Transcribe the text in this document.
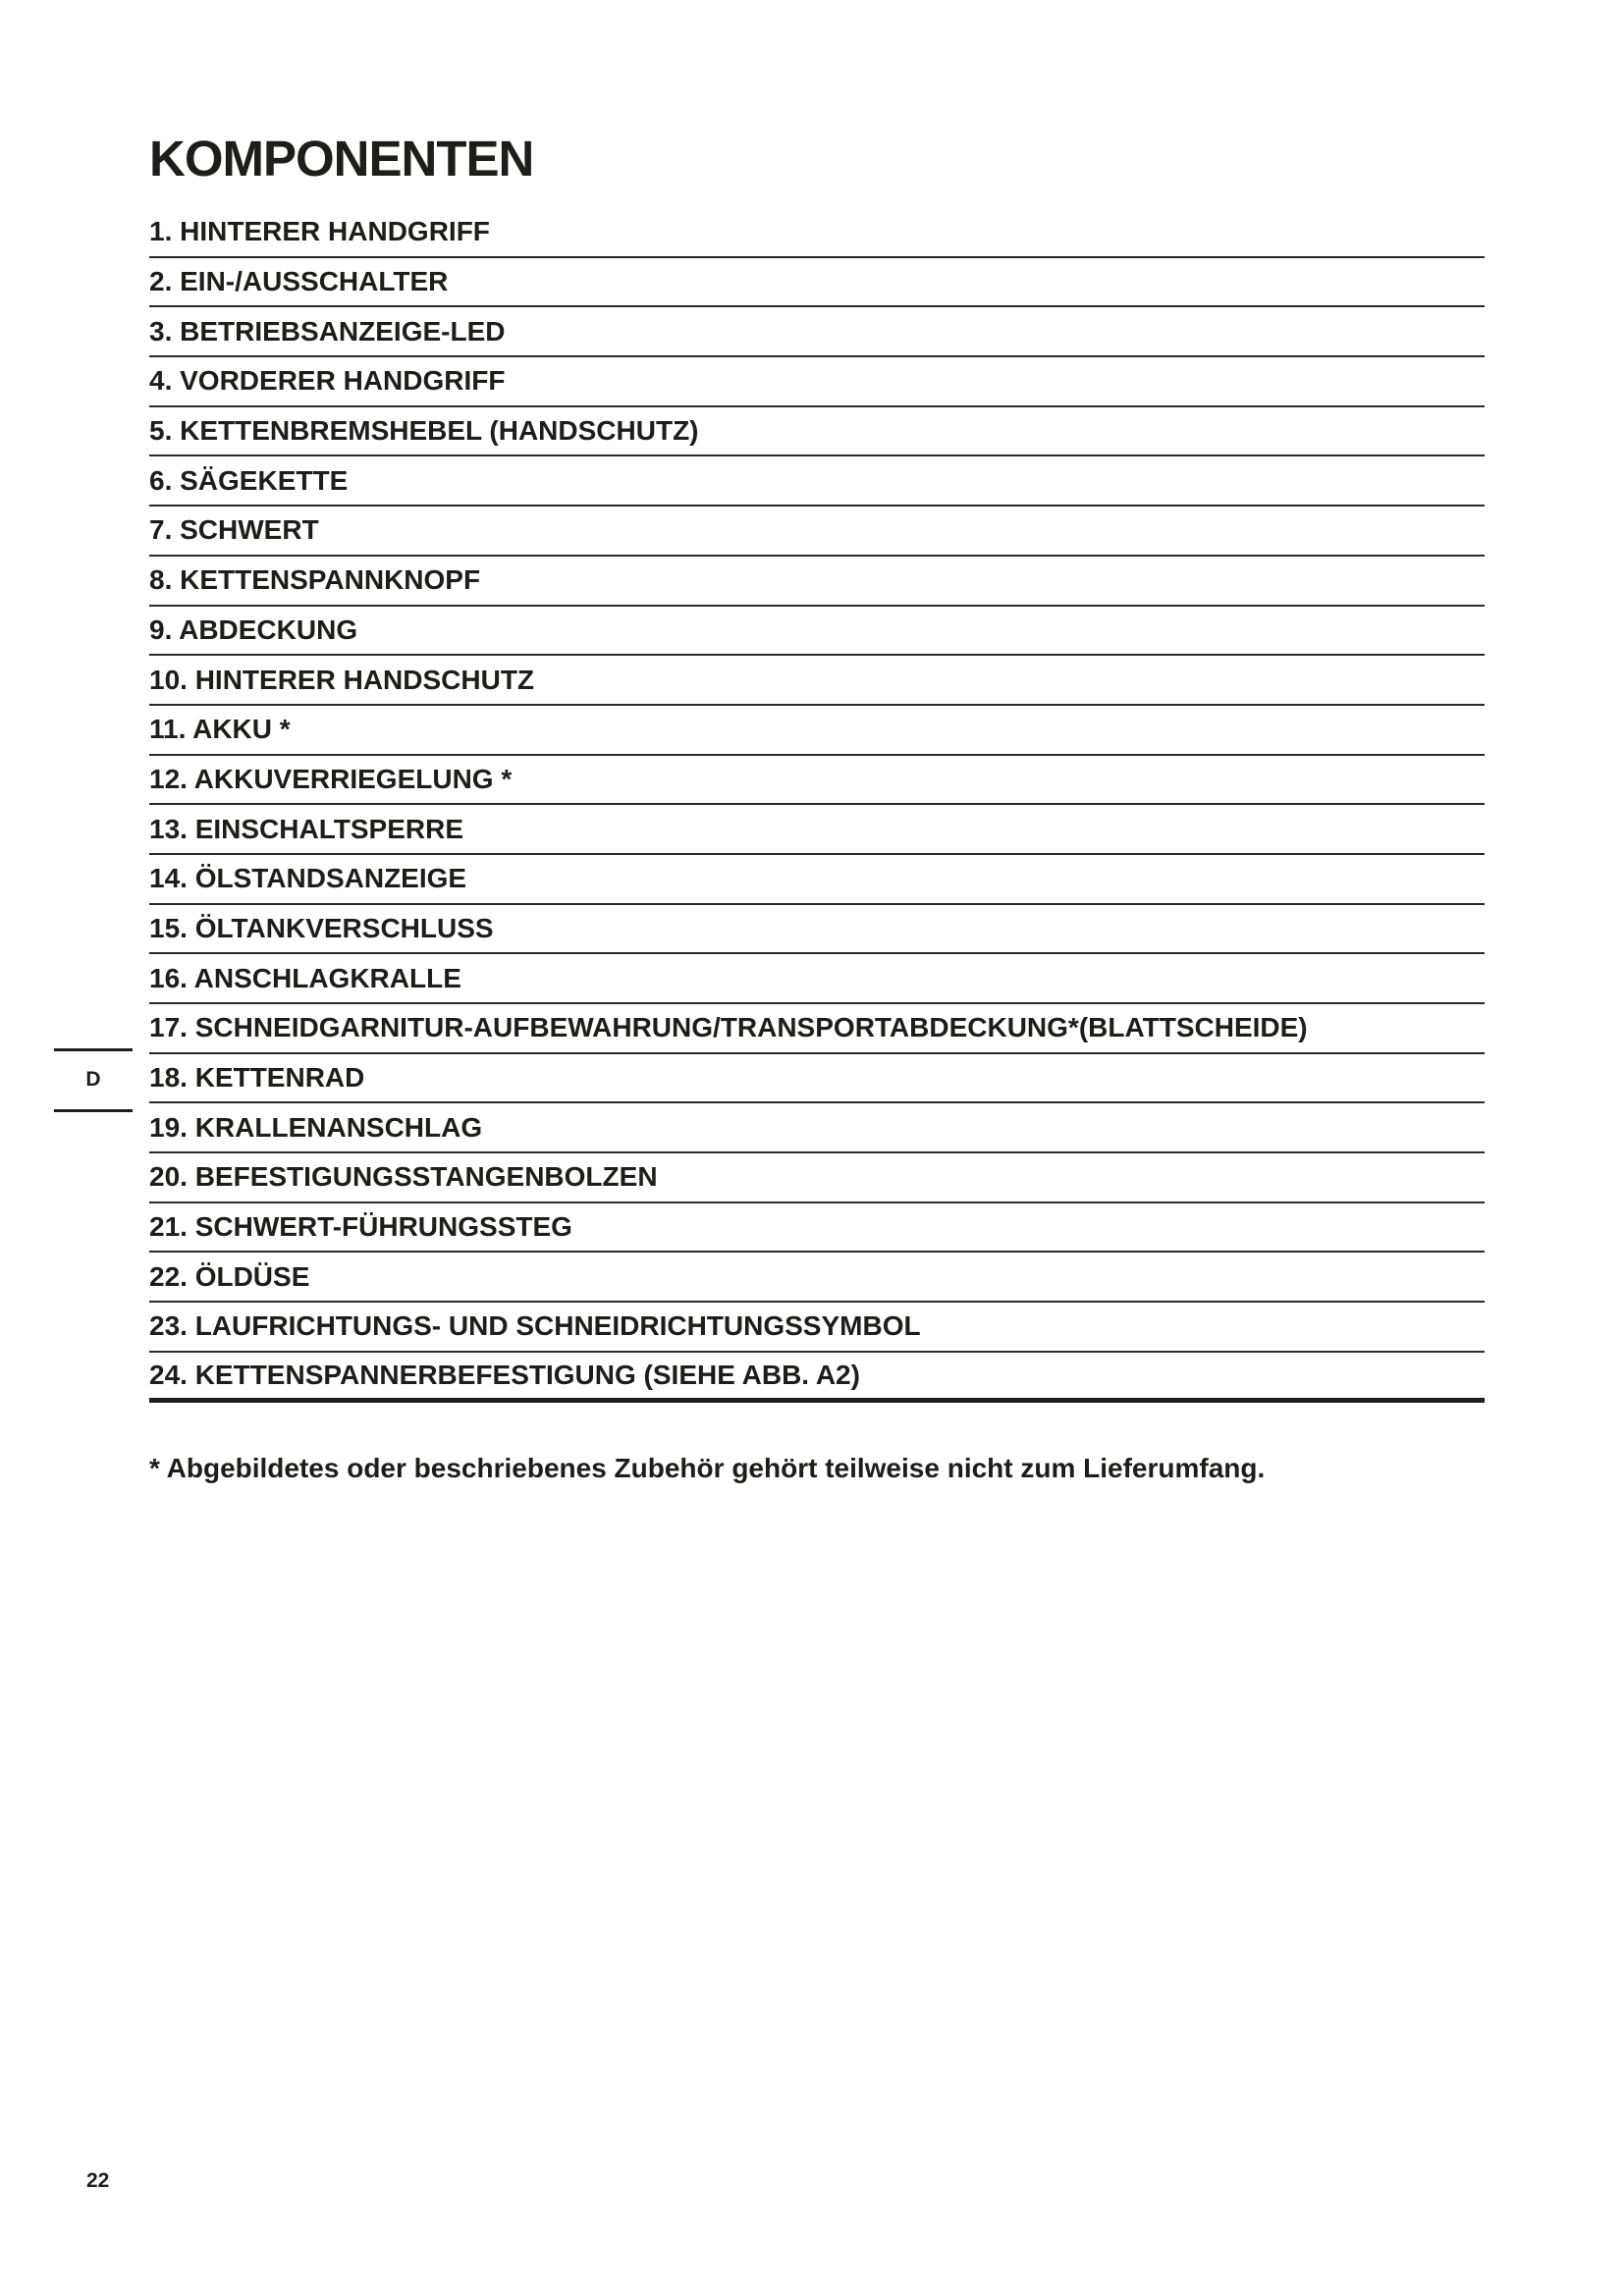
KOMPONENTEN
1. HINTERER HANDGRIFF
2. EIN-/AUSSCHALTER
3. BETRIEBSANZEIGE-LED
4. VORDERER HANDGRIFF
5. KETTENBREMSHEBEL (HANDSCHUTZ)
6. SÄGEKETTE
7. SCHWERT
8. KETTENSPANNKNOPF
9. ABDECKUNG
10. HINTERER HANDSCHUTZ
11. AKKU *
12. AKKUVERRIEGELUNG *
13. EINSCHALTSPERRE
14. ÖLSTANDSANZEIGE
15. ÖLTANKVERSCHLUSS
16. ANSCHLAGKRALLE
17. SCHNEIDGARNITUR-AUFBEWAHRUNG/TRANSPORTABDECKUNG*(BLATTSCHEIDE)
18. KETTENRAD
19. KRALLENANSCHLAG
20. BEFESTIGUNGSSTANGENBOLZEN
21. SCHWERT-FÜHRUNGSSTEG
22. ÖLDÜSE
23. LAUFRICHTUNGS- UND SCHNEIDRICHTUNGSSYMBOL
24. KETTENSPANNERBEFESTIGUNG (SIEHE ABB. A2)

* Abgebildetes oder beschriebenes Zubehör gehört teilweise nicht zum Lieferumfang.

D
22
